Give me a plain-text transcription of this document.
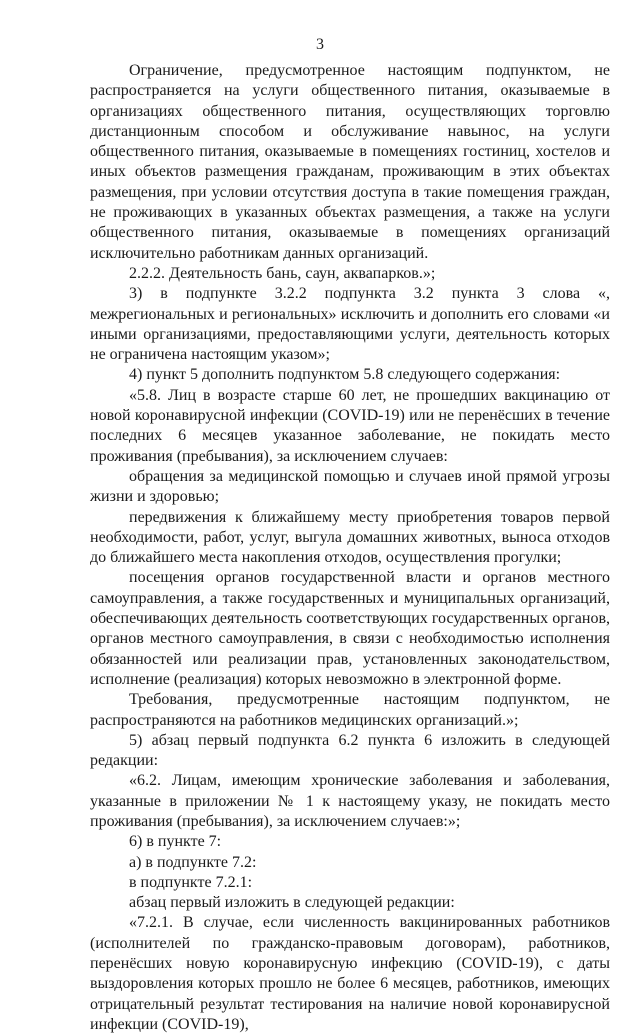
3

Ограничение, предусмотренное настоящим подпунктом, не распространяется на услуги общественного питания, оказываемые в организациях общественного питания, осуществляющих торговлю дистанционным способом и обслуживание навынос, на услуги общественного питания, оказываемые в помещениях гостиниц, хостелов и иных объектов размещения гражданам, проживающим в этих объектах размещения, при условии отсутствия доступа в такие помещения граждан, не проживающих в указанных объектах размещения, а также на услуги общественного питания, оказываемые в помещениях организаций исключительно работникам данных организаций.

2.2.2. Деятельность бань, саун, аквапарков.»;

3) в подпункте 3.2.2 подпункта 3.2 пункта 3 слова «, межрегиональных и региональных» исключить и дополнить его словами «и иными организациями, предоставляющими услуги, деятельность которых не ограничена настоящим указом»;

4) пункт 5 дополнить подпунктом 5.8 следующего содержания:

«5.8. Лиц в возрасте старше 60 лет, не прошедших вакцинацию от новой коронавирусной инфекции (COVID-19) или не перенёсших в течение последних 6 месяцев указанное заболевание, не покидать место проживания (пребывания), за исключением случаев:

обращения за медицинской помощью и случаев иной прямой угрозы жизни и здоровью;

передвижения к ближайшему месту приобретения товаров первой необходимости, работ, услуг, выгула домашних животных, выноса отходов до ближайшего места накопления отходов, осуществления прогулки;

посещения органов государственной власти и органов местного самоуправления, а также государственных и муниципальных организаций, обеспечивающих деятельность соответствующих государственных органов, органов местного самоуправления, в связи с необходимостью исполнения обязанностей или реализации прав, установленных законодательством, исполнение (реализация) которых невозможно в электронной форме.

Требования, предусмотренные настоящим подпунктом, не распространяются на работников медицинских организаций.»;

5) абзац первый подпункта 6.2 пункта 6 изложить в следующей редакции:

«6.2. Лицам, имеющим хронические заболевания и заболевания, указанные в приложении № 1 к настоящему указу, не покидать место проживания (пребывания), за исключением случаев:»;

6) в пункте 7:

а) в подпункте 7.2:

в подпункте 7.2.1:

абзац первый изложить в следующей редакции:

«7.2.1. В случае, если численность вакцинированных работников (исполнителей по гражданско-правовым договорам), работников, перенёсших новую коронавирусную инфекцию (COVID-19), с даты выздоровления которых прошло не более 6 месяцев, работников, имеющих отрицательный результат тестирования на наличие новой коронавирусной инфекции (COVID-19),
